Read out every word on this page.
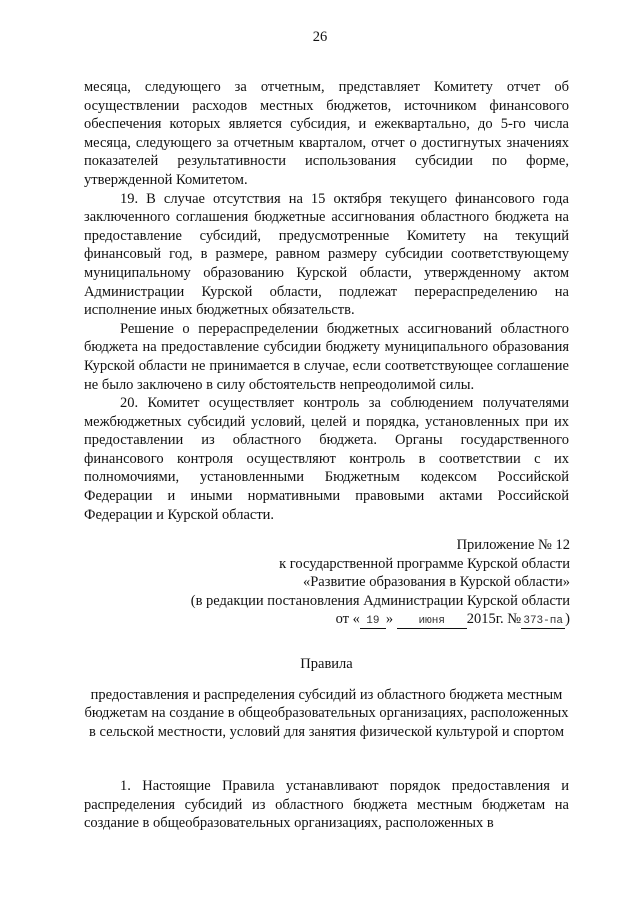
26

месяца, следующего за отчетным, представляет Комитету отчет об осуществлении расходов местных бюджетов, источником финансового обеспечения которых является субсидия, и ежеквартально, до 5-го числа месяца, следующего за отчетным кварталом, отчет о достигнутых значениях показателей результативности использования субсидии по форме, утвержденной Комитетом.

19. В случае отсутствия на 15 октября текущего финансового года заключенного соглашения бюджетные ассигнования областного бюджета на предоставление субсидий, предусмотренные Комитету на текущий финансовый год, в размере, равном размеру субсидии соответствующему муниципальному образованию Курской области, утвержденному актом Администрации Курской области, подлежат перераспределению на исполнение иных бюджетных обязательств.

Решение о перераспределении бюджетных ассигнований областного бюджета на предоставление субсидии бюджету муниципального образования Курской области не принимается в случае, если соответствующее соглашение не было заключено в силу обстоятельств непреодолимой силы.

20. Комитет осуществляет контроль за соблюдением получателями межбюджетных субсидий условий, целей и порядка, установленных при их предоставлении из областного бюджета. Органы государственного финансового контроля осуществляют контроль в соответствии с их полномочиями, установленными Бюджетным кодексом Российской Федерации и иными нормативными правовыми актами Российской Федерации и Курской области.

Приложение № 12
к государственной программе Курской области
«Развитие образования в Курской области»
(в редакции постановления Администрации Курской области
от « 19 » июня 2015г. № 373-па )
Правила
предоставления и распределения субсидий из областного бюджета местным бюджетам на создание в общеобразовательных организациях, расположенных в сельской местности, условий для занятия физической культурой и спортом

1. Настоящие Правила устанавливают порядок предоставления и распределения субсидий из областного бюджета местным бюджетам на создание в общеобразовательных организациях, расположенных в
